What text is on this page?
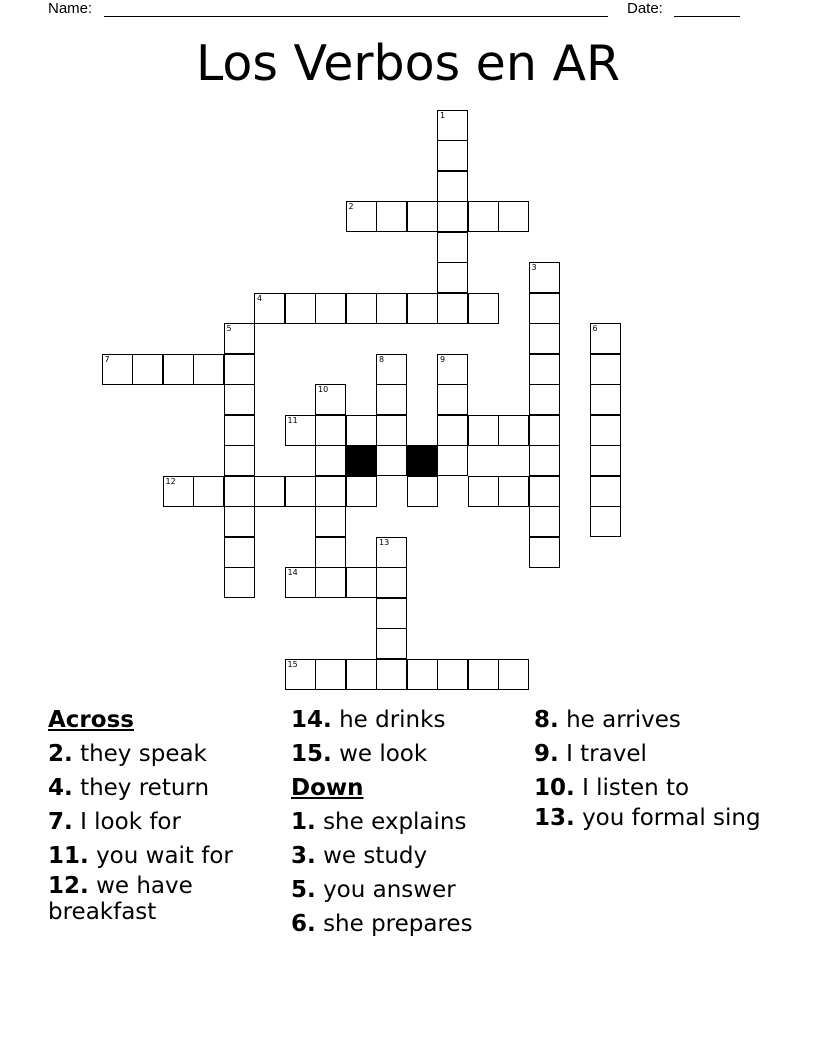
Name:	Date:
Los Verbos en AR
1
2
4
3
6
5
7	8	9
10
11
12
13
14
15
Across
2. they speak
4. they return
7. I look for
11. you wait for
12. we have breakfast
14. he drinks
15. we look
Down
1. she explains
3. we study
5. you answer
6. she prepares
8. he arrives
9. I travel
10. I listen to
13. you formal sing
